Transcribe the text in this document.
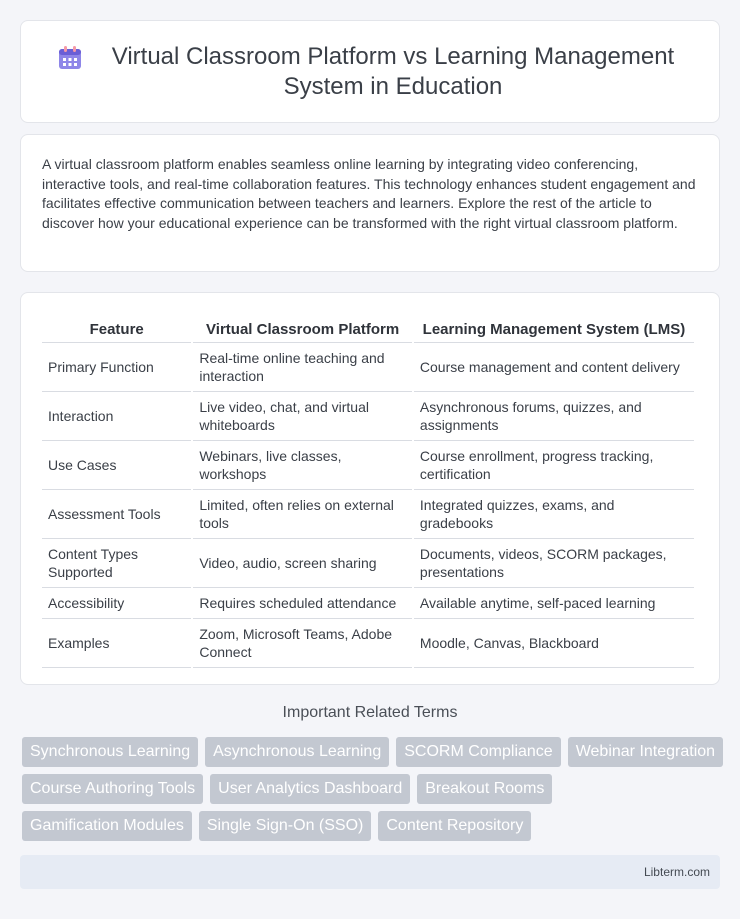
Virtual Classroom Platform vs Learning Management System in Education

A virtual classroom platform enables seamless online learning by integrating video conferencing, interactive tools, and real-time collaboration features. This technology enhances student engagement and facilitates effective communication between teachers and learners. Explore the rest of the article to discover how your educational experience can be transformed with the right virtual classroom platform.

Feature	Virtual Classroom Platform	Learning Management System (LMS)
Primary Function	Real-time online teaching and interaction	Course management and content delivery
Interaction	Live video, chat, and virtual whiteboards	Asynchronous forums, quizzes, and assignments
Use Cases	Webinars, live classes, workshops	Course enrollment, progress tracking, certification
Assessment Tools	Limited, often relies on external tools	Integrated quizzes, exams, and gradebooks
Content Types Supported	Video, audio, screen sharing	Documents, videos, SCORM packages, presentations
Accessibility	Requires scheduled attendance	Available anytime, self-paced learning
Examples	Zoom, Microsoft Teams, Adobe Connect	Moodle, Canvas, Blackboard
Important Related Terms
Synchronous Learning	Asynchronous Learning	SCORM Compliance	Webinar Integration
Course Authoring Tools	User Analytics Dashboard	Breakout Rooms
Gamification Modules	Single Sign-On (SSO)	Content Repository
Libterm.com
